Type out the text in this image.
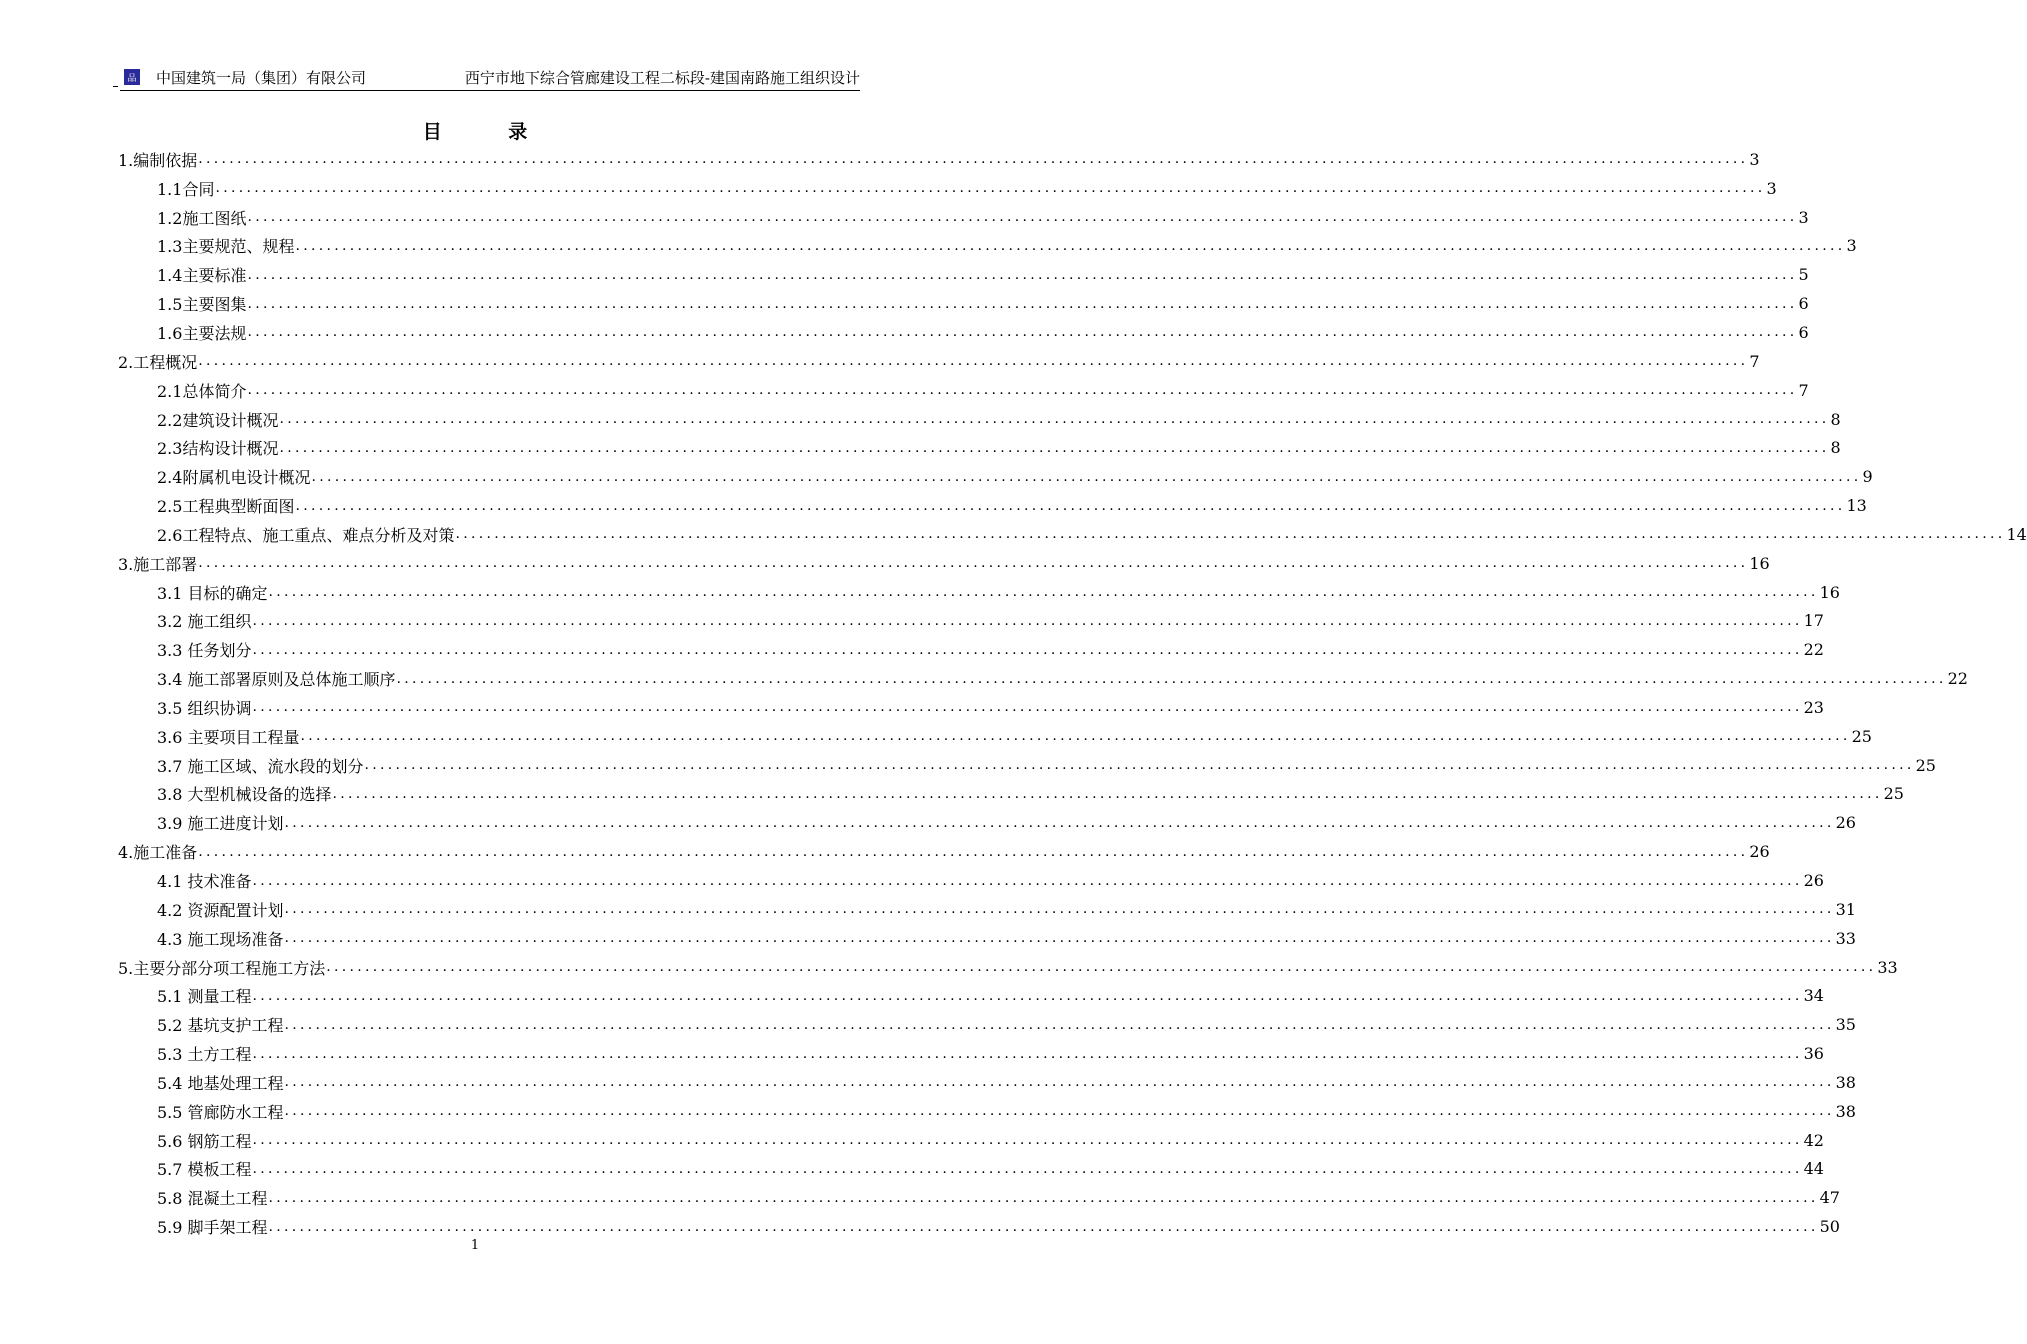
品 中国建筑一局（集团）有限公司	西宁市地下综合管廊建设工程二标段-建国南路施工组织设计
目 录
1.编制依据 ........................................................................................................................................................................................................ 3
1.1合同 ........................................................................................................................................................................................................ 3
1.2施工图纸 ........................................................................................................................................................................................................ 3
1.3主要规范、规程 ........................................................................................................................................................................................................ 3
1.4主要标准 ........................................................................................................................................................................................................ 5
1.5主要图集 ........................................................................................................................................................................................................ 6
1.6主要法规 ........................................................................................................................................................................................................ 6
2.工程概况 ........................................................................................................................................................................................................ 7
2.1总体简介 ........................................................................................................................................................................................................ 7
2.2建筑设计概况 ........................................................................................................................................................................................................ 8
2.3结构设计概况 ........................................................................................................................................................................................................ 8
2.4附属机电设计概况 ........................................................................................................................................................................................................ 9
2.5工程典型断面图 ........................................................................................................................................................................................................ 13
2.6工程特点、施工重点、难点分析及对策 ........................................................................................................................................................................................................ 14
3.施工部署 ........................................................................................................................................................................................................ 16
3.1 目标的确定 ........................................................................................................................................................................................................ 16
3.2 施工组织 ........................................................................................................................................................................................................ 17
3.3 任务划分 ........................................................................................................................................................................................................ 22
3.4 施工部署原则及总体施工顺序 ........................................................................................................................................................................................................ 22
3.5 组织协调 ........................................................................................................................................................................................................ 23
3.6 主要项目工程量 ........................................................................................................................................................................................................ 25
3.7 施工区域、流水段的划分 ........................................................................................................................................................................................................ 25
3.8 大型机械设备的选择 ........................................................................................................................................................................................................ 25
3.9 施工进度计划 ........................................................................................................................................................................................................ 26
4.施工准备 ........................................................................................................................................................................................................ 26
4.1 技术准备 ........................................................................................................................................................................................................ 26
4.2 资源配置计划 ........................................................................................................................................................................................................ 31
4.3 施工现场准备 ........................................................................................................................................................................................................ 33
5.主要分部分项工程施工方法 ........................................................................................................................................................................................................ 33
5.1 测量工程 ........................................................................................................................................................................................................ 34
5.2 基坑支护工程 ........................................................................................................................................................................................................ 35
5.3 土方工程 ........................................................................................................................................................................................................ 36
5.4 地基处理工程 ........................................................................................................................................................................................................ 38
5.5 管廊防水工程 ........................................................................................................................................................................................................ 38
5.6 钢筋工程 ........................................................................................................................................................................................................ 42
5.7 模板工程 ........................................................................................................................................................................................................ 44
5.8 混凝土工程 ........................................................................................................................................................................................................ 47
5.9 脚手架工程 ........................................................................................................................................................................................................ 50
1
